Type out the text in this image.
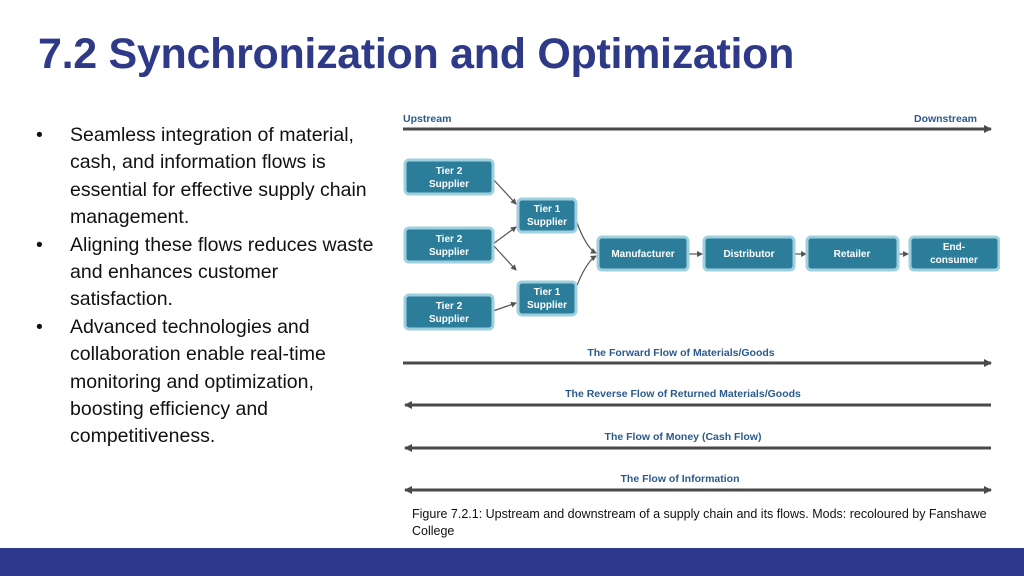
7.2 Synchronization and Optimization
• Seamless integration of material, cash, and information flows is essential for effective supply chain management.
• Aligning these flows reduces waste and enhances customer satisfaction.
• Advanced technologies and collaboration enable real-time monitoring and optimization, boosting efficiency and competitiveness.
Upstream	Downstream
Tier 2
Supplier
Tier 2
Supplier
Tier 2
Supplier
Tier 1
Supplier
Tier 1
Supplier
Manufacturer	Distributor	Retailer
End-
consumer
The Forward Flow of Materials/Goods
The Reverse Flow of Returned Materials/Goods
The Flow of Money (Cash Flow)
The Flow of Information
Figure 7.2.1: Upstream and downstream of a supply chain and its flows. Mods: recoloured by Fanshawe College
